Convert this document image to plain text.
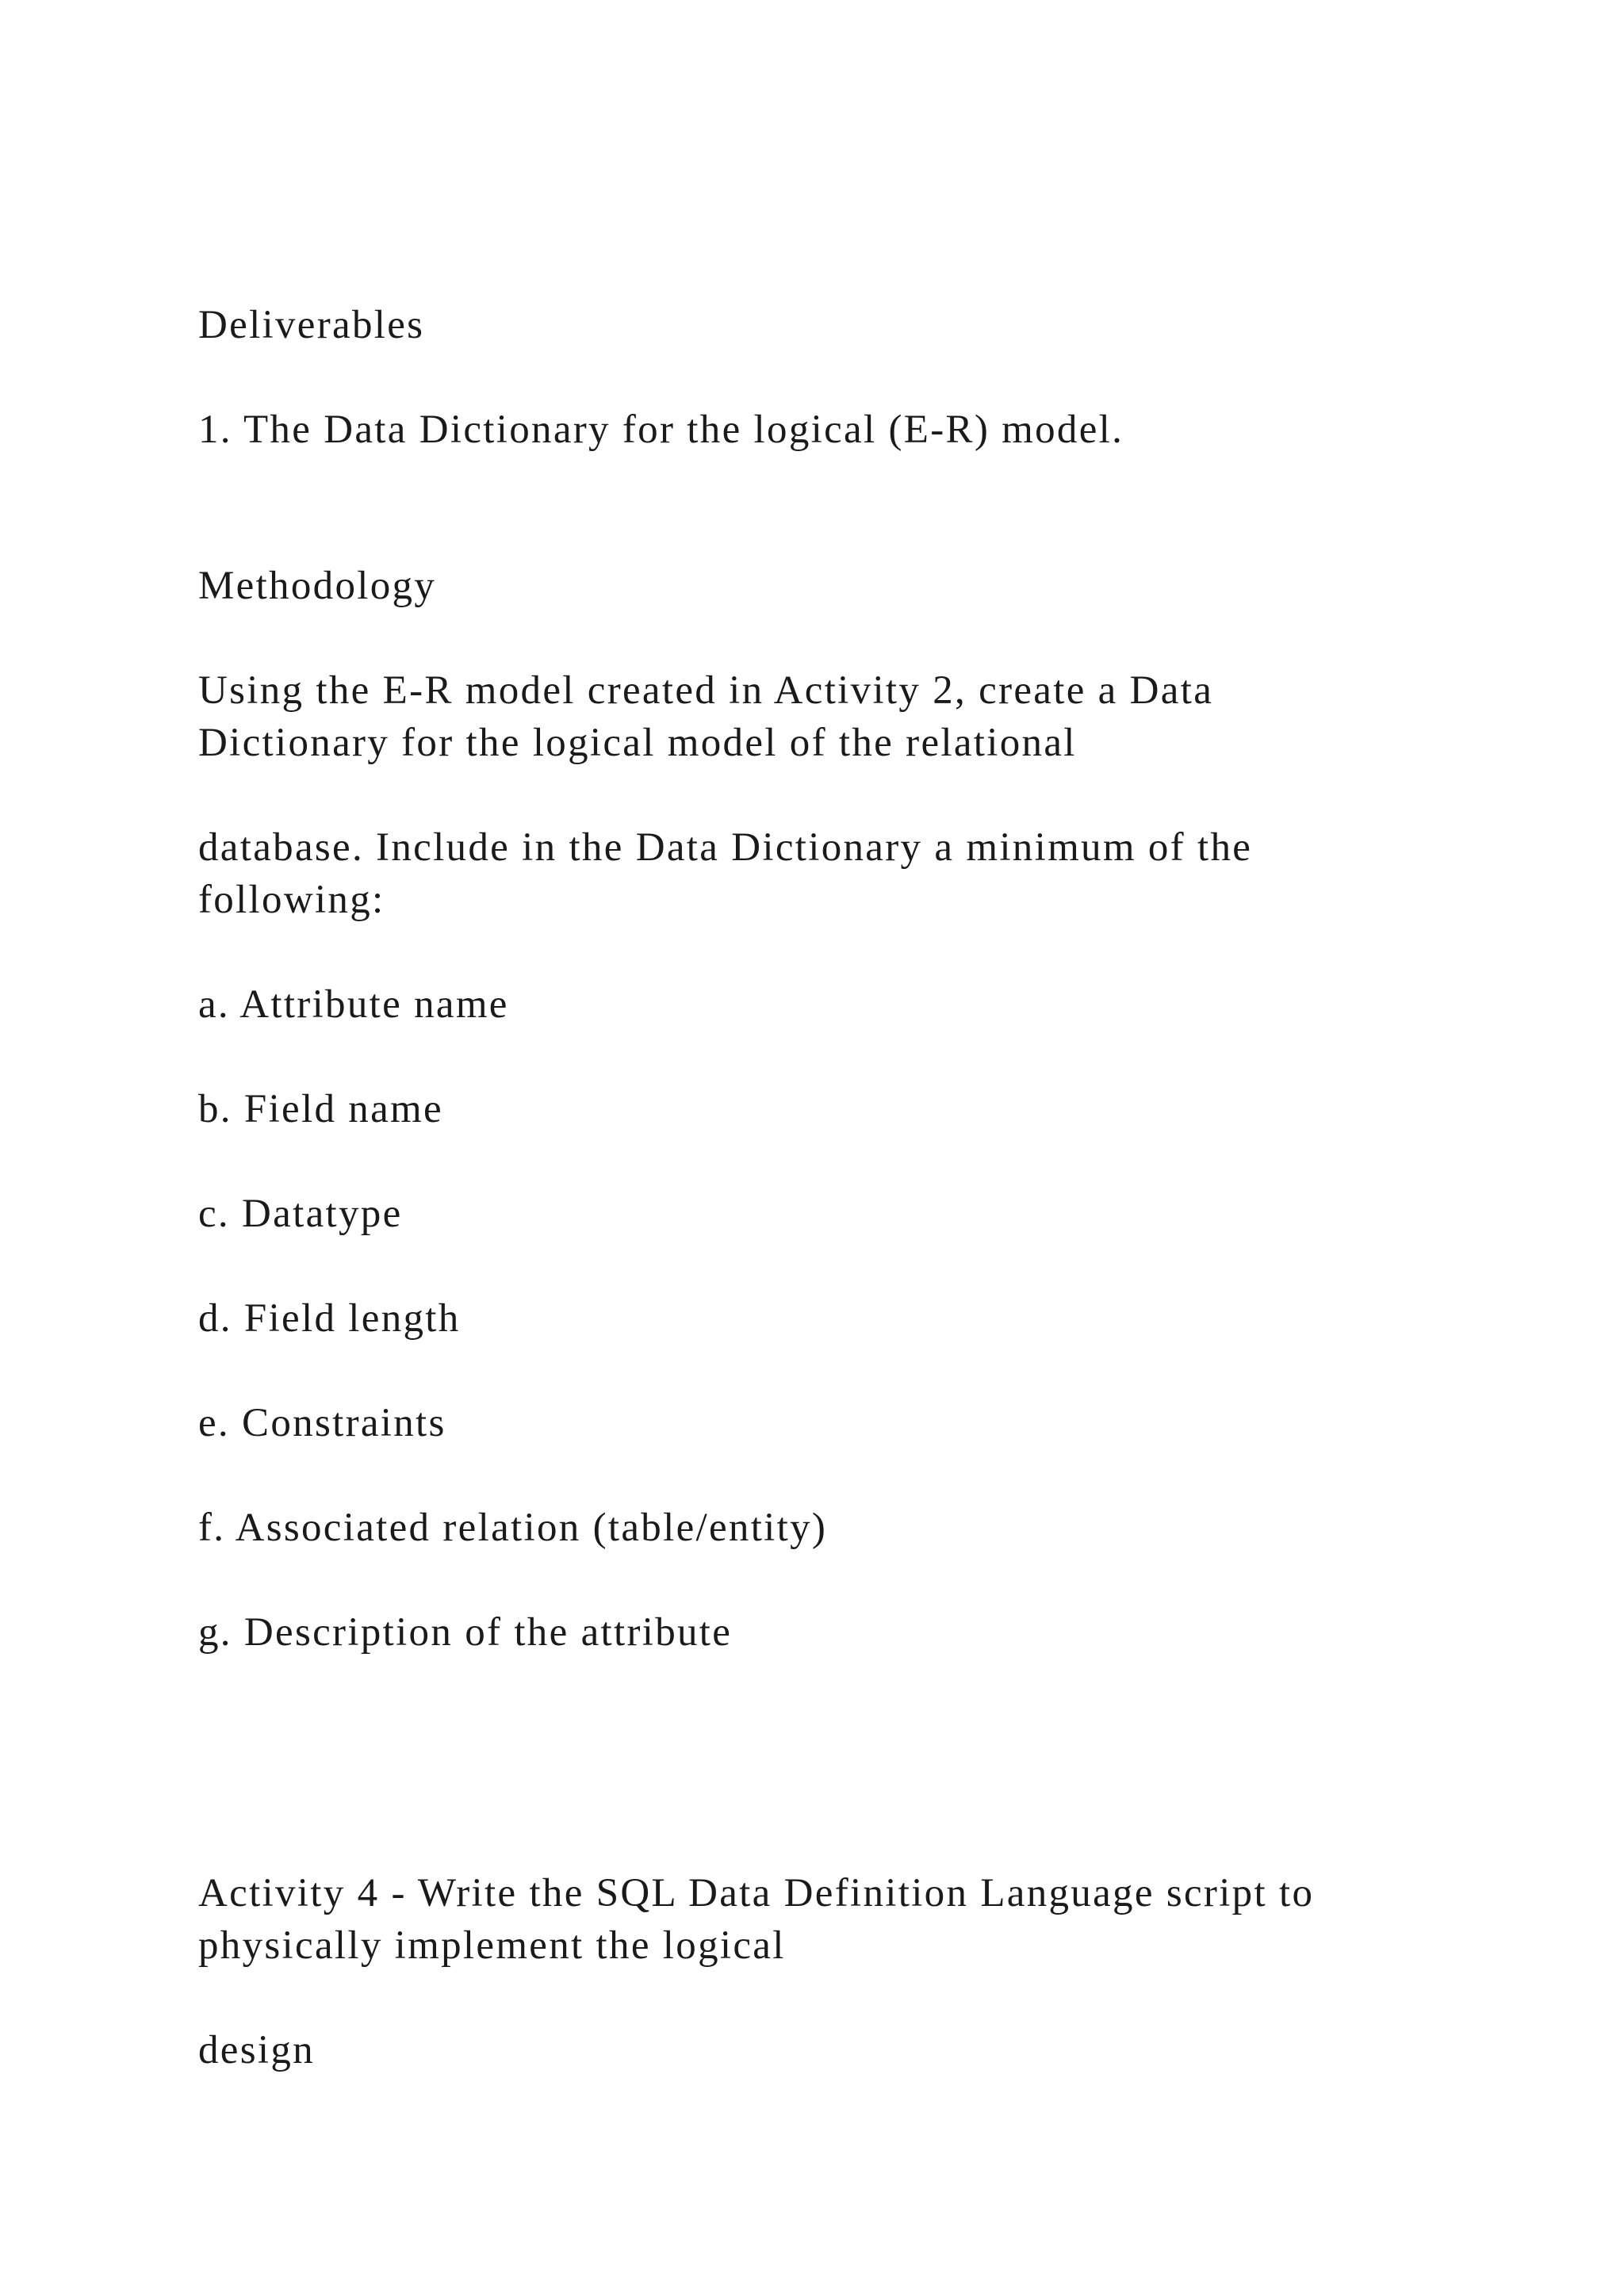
Deliverables

1. The Data Dictionary for the logical (E-R) model.

Methodology

Using the E-R model created in Activity 2, create a Data

Dictionary for the logical model of the relational

database. Include in the Data Dictionary a minimum of the

following:

a. Attribute name

b. Field name

c. Datatype

d. Field length

e. Constraints

f. Associated relation (table/entity)

g. Description of the attribute

Activity 4 - Write the SQL Data Definition Language script to

physically implement the logical

design
